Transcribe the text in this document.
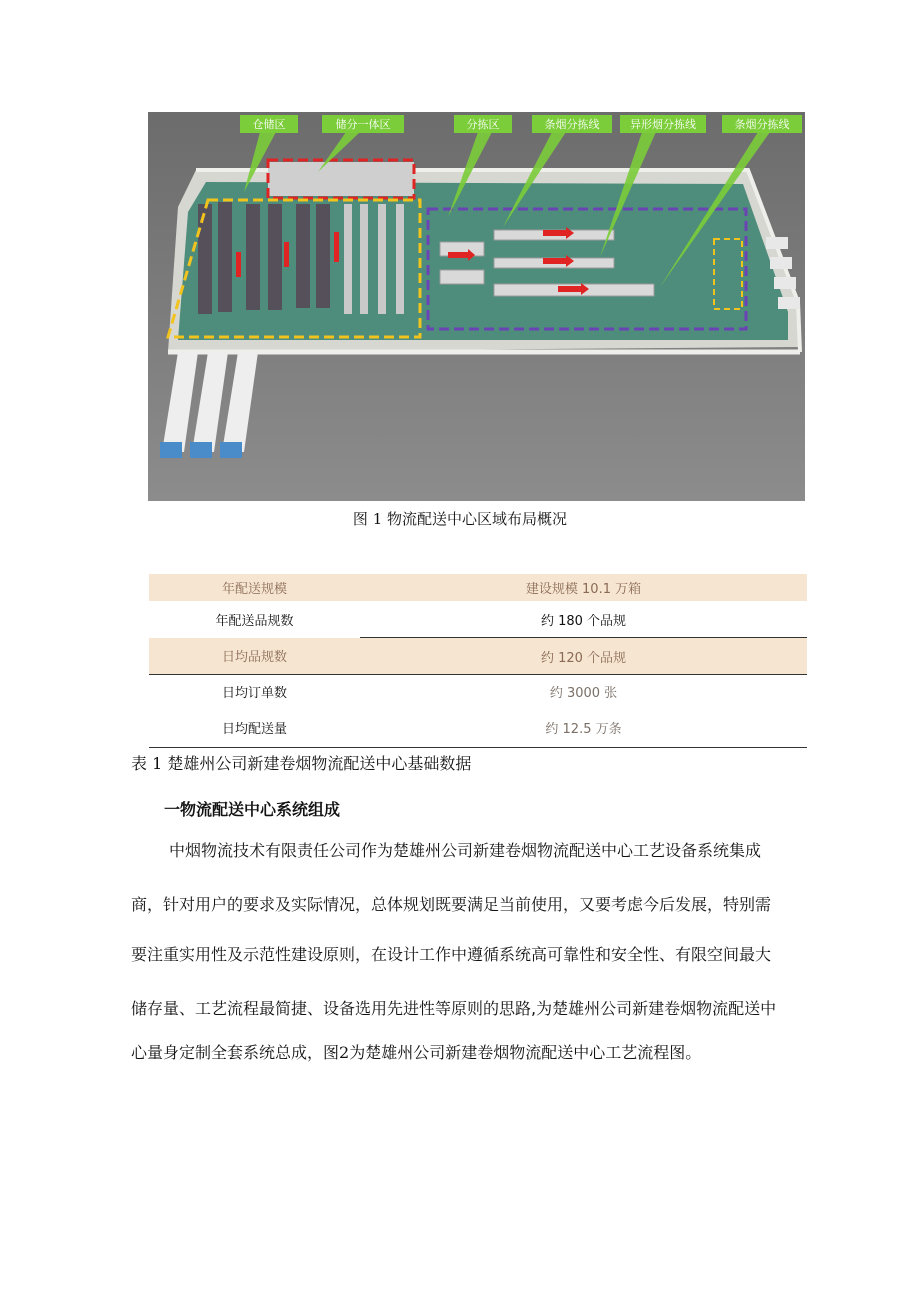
仓储区	储分一体区	分拣区	条烟分拣线	异形烟分拣线	条烟分拣线
图 1 物流配送中心区域布局概况
年配送规模	建设规模 10.1 万箱
年配送品规数	约 180 个品规
日均品规数	约 120 个品规
日均订单数	约 3000 张
日均配送量	约 12.5 万条
表 1 楚雄州公司新建卷烟物流配送中心基础数据
一物流配送中心系统组成
中烟物流技术有限责任公司作为楚雄州公司新建卷烟物流配送中心工艺设备系统集成
商，针对用户的要求及实际情况，总体规划既要满足当前使用，又要考虑今后发展，特别需
要注重实用性及示范性建设原则，在设计工作中遵循系统高可靠性和安全性、有限空间最大
储存量、工艺流程最简捷、设备选用先进性等原则的思路,为楚雄州公司新建卷烟物流配送中
心量身定制全套系统总成，图2为楚雄州公司新建卷烟物流配送中心工艺流程图。
